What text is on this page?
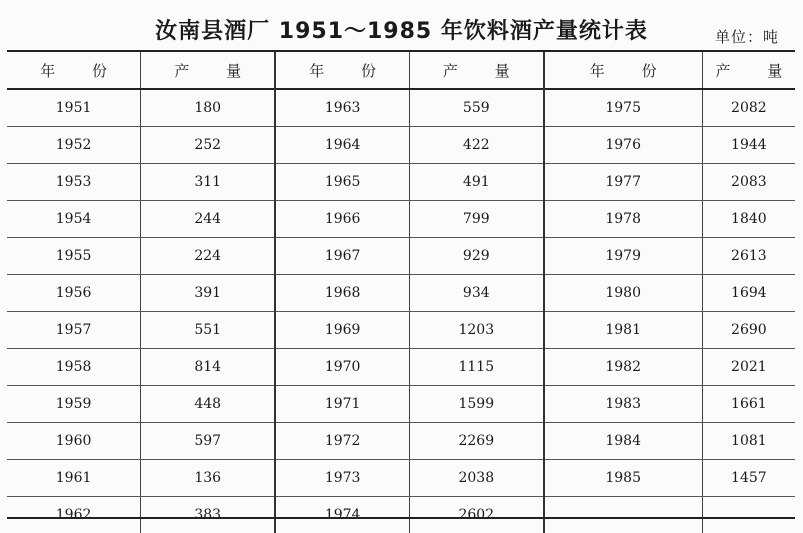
汝南县酒厂 1951～1985 年饮料酒产量统计表	单位：吨
年 份	产 量
1951	180
1952	252
1953	311
1954	244
1955	224
1956	391
1957	551
1958	814
1959	448
1960	597
1961	136
1962	383
年 份	产 量
1963	559
1964	422
1965	491
1966	799
1967	929
1968	934
1969	1203
1970	1115
1971	1599
1972	2269
1973	2038
1974	2602
年 份	产 量
1975	2082
1976	1944
1977	2083
1978	1840
1979	2613
1980	1694
1981	2690
1982	2021
1983	1661
1984	1081
1985	1457
